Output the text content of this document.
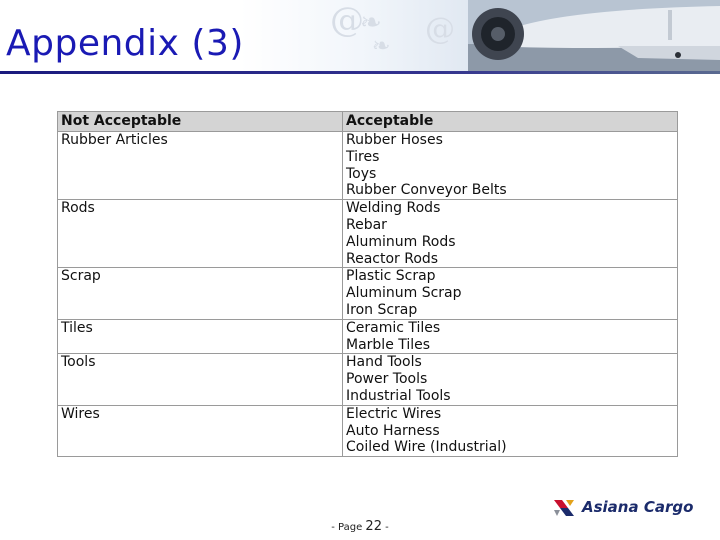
@
❧ @
❧
Appendix (3)
Not Acceptable	Acceptable
Rubber Articles	Rubber Hoses
Tires
Toys
Rubber Conveyor Belts

Rods	Welding Rods
Rebar
Aluminum Rods
Reactor Rods

Scrap	Plastic Scrap
Aluminum Scrap
Iron Scrap

Tiles	Ceramic Tiles
Marble Tiles

Tools	Hand Tools
Power Tools
Industrial Tools

Wires	Electric Wires
Auto Harness
Coiled Wire (Industrial)
- Page 22 -
Asiana Cargo
